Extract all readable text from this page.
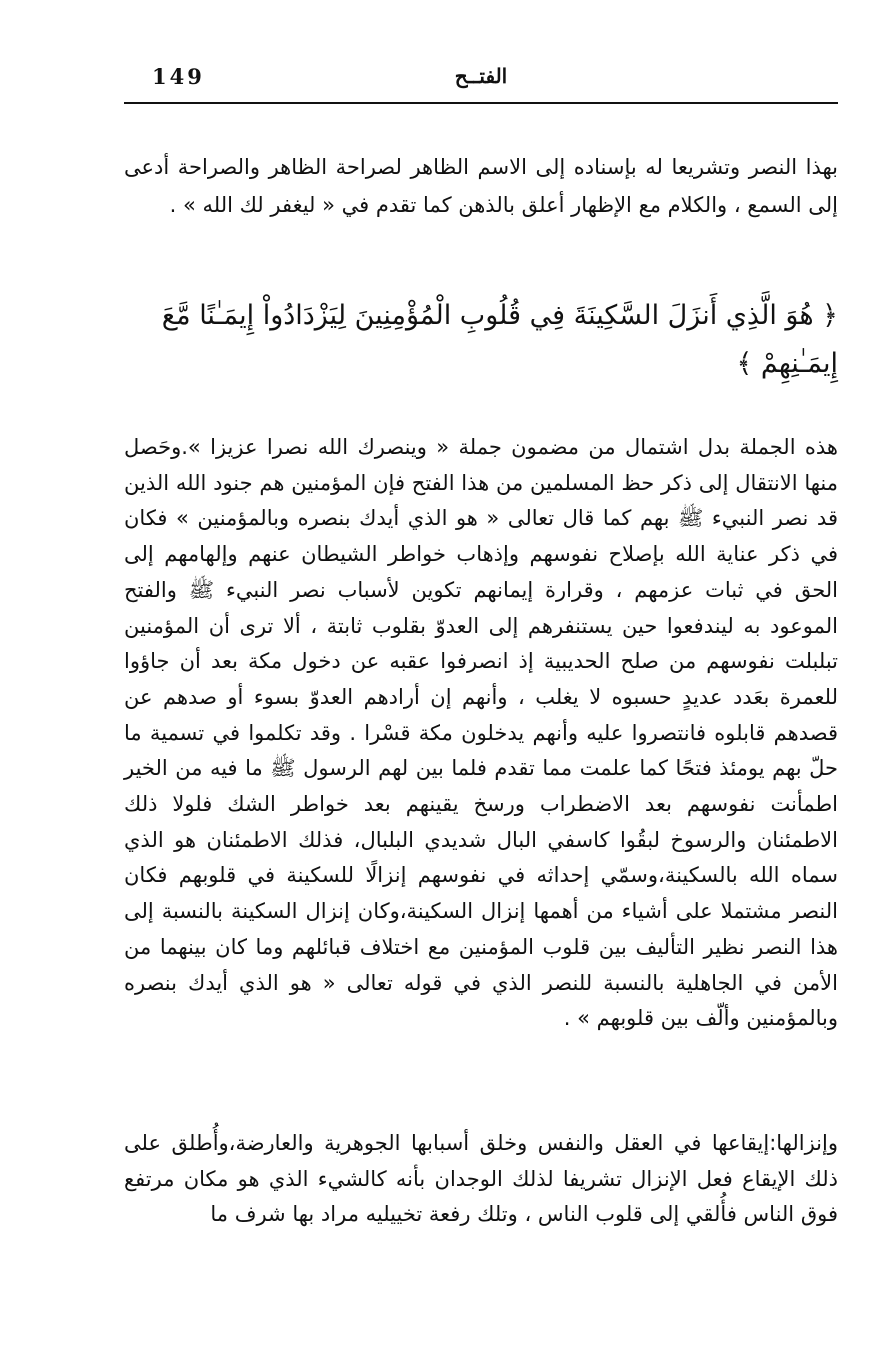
149	الفتــح

بهذا النصر وتشريعا له بإسناده إلى الاسم الظاهر لصراحة الظاهر والصراحة أدعى إلى السمع ، والكلام مع الإظهار أعلق بالذهن كما تقدم في « ليغفر لك الله » .

﴿ هُوَ الَّذِي أَنزَلَ السَّكِينَةَ فِي قُلُوبِ الْمُؤْمِنِينَ لِيَزْدَادُواْ إِيمَـٰنًا مَّعَ إِيمَـٰنِهِمْ ﴾

هذه الجملة بدل اشتمال من مضمون جملة « وينصرك الله نصرا عزيزا ».وحَصل منها الانتقال إلى ذكر حظ المسلمين من هذا الفتح فإن المؤمنين هم جنود الله الذين قد نصر النبيء ﷺ بهم كما قال تعالى « هو الذي أيدك بنصره وبالمؤمنين » فكان في ذكر عناية الله بإصلاح نفوسهم وإذهاب خواطر الشيطان عنهم وإلهامهم إلى الحق في ثبات عزمهم ، وقرارة إيمانهم تكوين لأسباب نصر النبيء ﷺ والفتح الموعود به ليندفعوا حين يستنفرهم إلى العدوّ بقلوب ثابتة ، ألا ترى أن المؤمنين تبلبلت نفوسهم من صلح الحديبية إذ انصرفوا عقبه عن دخول مكة بعد أن جاؤوا للعمرة بعَدد عديدٍ حسبوه لا يغلب ، وأنهم إن أرادهم العدوّ بسوء أو صدهم عن قصدهم قابلوه فانتصروا عليه وأنهم يدخلون مكة قسْرا . وقد تكلموا في تسمية ما حلّ بهم يومئذ فتحًا كما علمت مما تقدم فلما بين لهم الرسول ﷺ ما فيه من الخير اطمأنت نفوسهم بعد الاضطراب ورسخ يقينهم بعد خواطر الشك فلولا ذلك الاطمئنان والرسوخ لبقُوا كاسفي البال شديدي البلبال، فذلك الاطمئنان هو الذي سماه الله بالسكينة،وسمّي إحداثه في نفوسهم إنزالًا للسكينة في قلوبهم فكان النصر مشتملا على أشياء من أهمها إنزال السكينة،وكان إنزال السكينة بالنسبة إلى هذا النصر نظير التأليف بين قلوب المؤمنين مع اختلاف قبائلهم وما كان بينهما من الأمن في الجاهلية بالنسبة للنصر الذي في قوله تعالى « هو الذي أيدك بنصره وبالمؤمنين وألّف بين قلوبهم » .

وإنزالها:إيقاعها في العقل والنفس وخلق أسبابها الجوهرية والعارضة،وأُطلق على ذلك الإيقاع فعل الإنزال تشريفا لذلك الوجدان بأنه كالشيء الذي هو مكان مرتفع فوق الناس فأُلقي إلى قلوب الناس ، وتلك رفعة تخييليه مراد بها شرف ما
